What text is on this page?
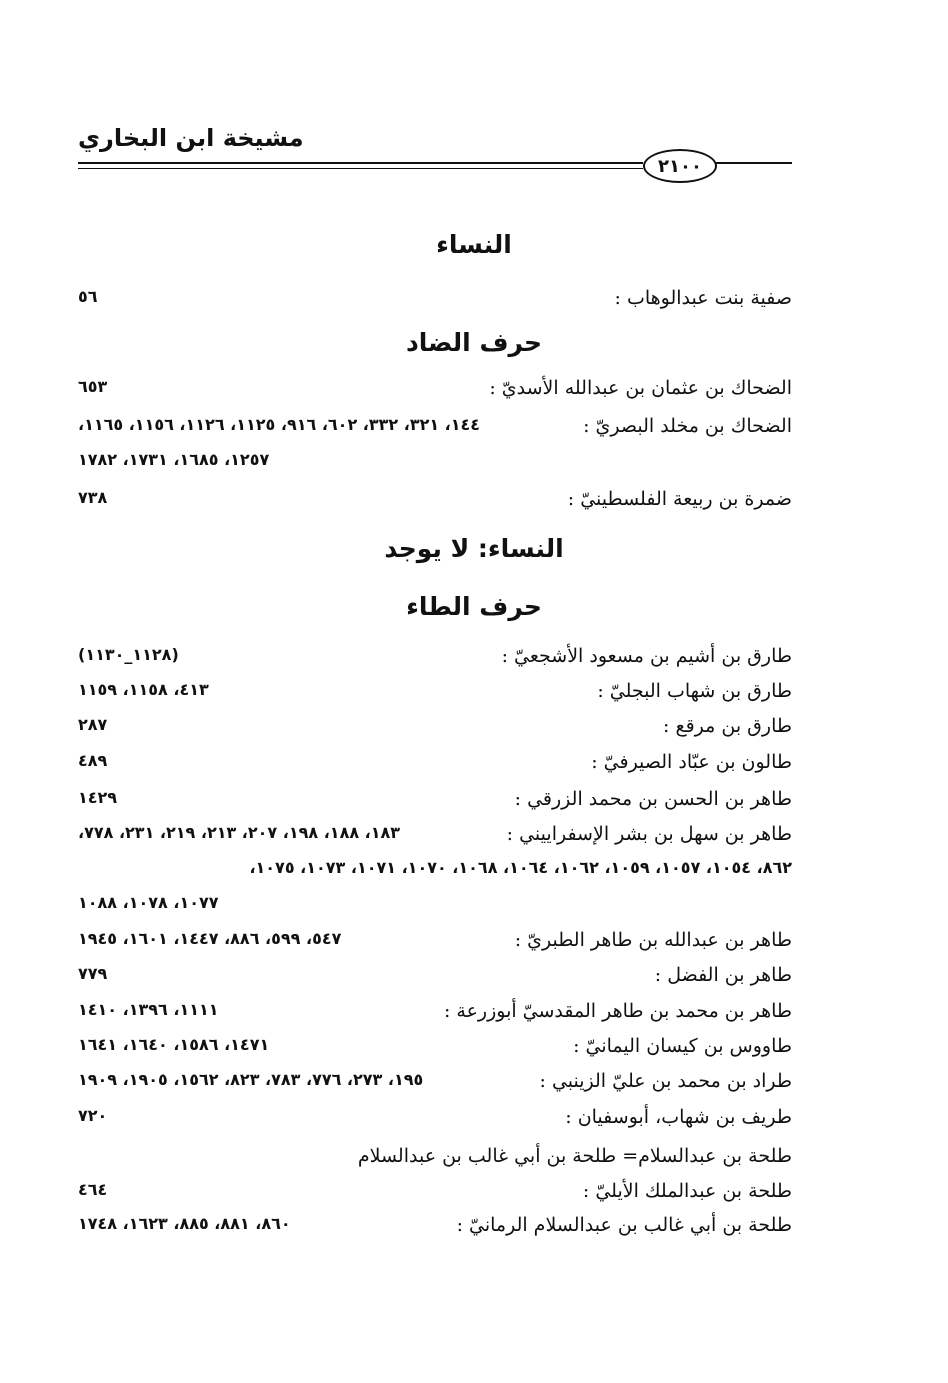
مشيخة ابن البخاري
٢١٠٠
النساء
صفية بنت عبدالوهاب :
٥٦
حرف الضاد
الضحاك بن عثمان بن عبدالله الأسديّ :
٦٥٣
الضحاك بن مخلد البصريّ :
١٤٤، ٣٢١، ٣٣٢، ٦٠٢، ٩١٦، ١١٢٥، ١١٢٦، ١١٥٦، ١١٦٥،
١٢٥٧، ١٦٨٥، ١٧٣١، ١٧٨٢
ضمرة بن ربيعة الفلسطينيّ :
٧٣٨
النساء: لا يوجد
حرف الطاء
طارق بن أشيم بن مسعود الأشجعيّ :
(١١٢٨_١١٣٠)
طارق بن شهاب البجليّ :
٤١٣، ١١٥٨، ١١٥٩
طارق بن مرقع :
٢٨٧
طالون بن عبّاد الصيرفيّ :
٤٨٩
طاهر بن الحسن بن محمد الزرقي :
١٤٢٩
طاهر بن سهل بن بشر الإسفراييني :
١٨٣، ١٨٨، ١٩٨، ٢٠٧، ٢١٣، ٢١٩، ٢٣١، ٧٧٨،
٨٦٢، ١٠٥٤، ١٠٥٧، ١٠٥٩، ١٠٦٢، ١٠٦٤، ١٠٦٨، ١٠٧٠، ١٠٧١، ١٠٧٣، ١٠٧٥،
١٠٧٧، ١٠٧٨، ١٠٨٨
طاهر بن عبدالله بن طاهر الطبريّ :
٥٤٧، ٥٩٩، ٨٨٦، ١٤٤٧، ١٦٠١، ١٩٤٥
طاهر بن الفضل :
٧٧٩
طاهر بن محمد بن طاهر المقدسيّ أبوزرعة :
١١١١، ١٣٩٦، ١٤١٠
طاووس بن كيسان اليمانيّ :
١٤٧١، ١٥٨٦، ١٦٤٠، ١٦٤١
طراد بن محمد بن عليّ الزينبي :
١٩٥، ٢٧٣، ٧٧٦، ٧٨٣، ٨٢٣، ١٥٦٢، ١٩٠٥، ١٩٠٩
طريف بن شهاب، أبوسفيان :
٧٢٠
طلحة بن عبدالسلام= طلحة بن أبي غالب بن عبدالسلام
طلحة بن عبدالملك الأيليّ :
٤٦٤
طلحة بن أبي غالب بن عبدالسلام الرمانيّ :
٨٦٠، ٨٨١، ٨٨٥، ١٦٢٣، ١٧٤٨
